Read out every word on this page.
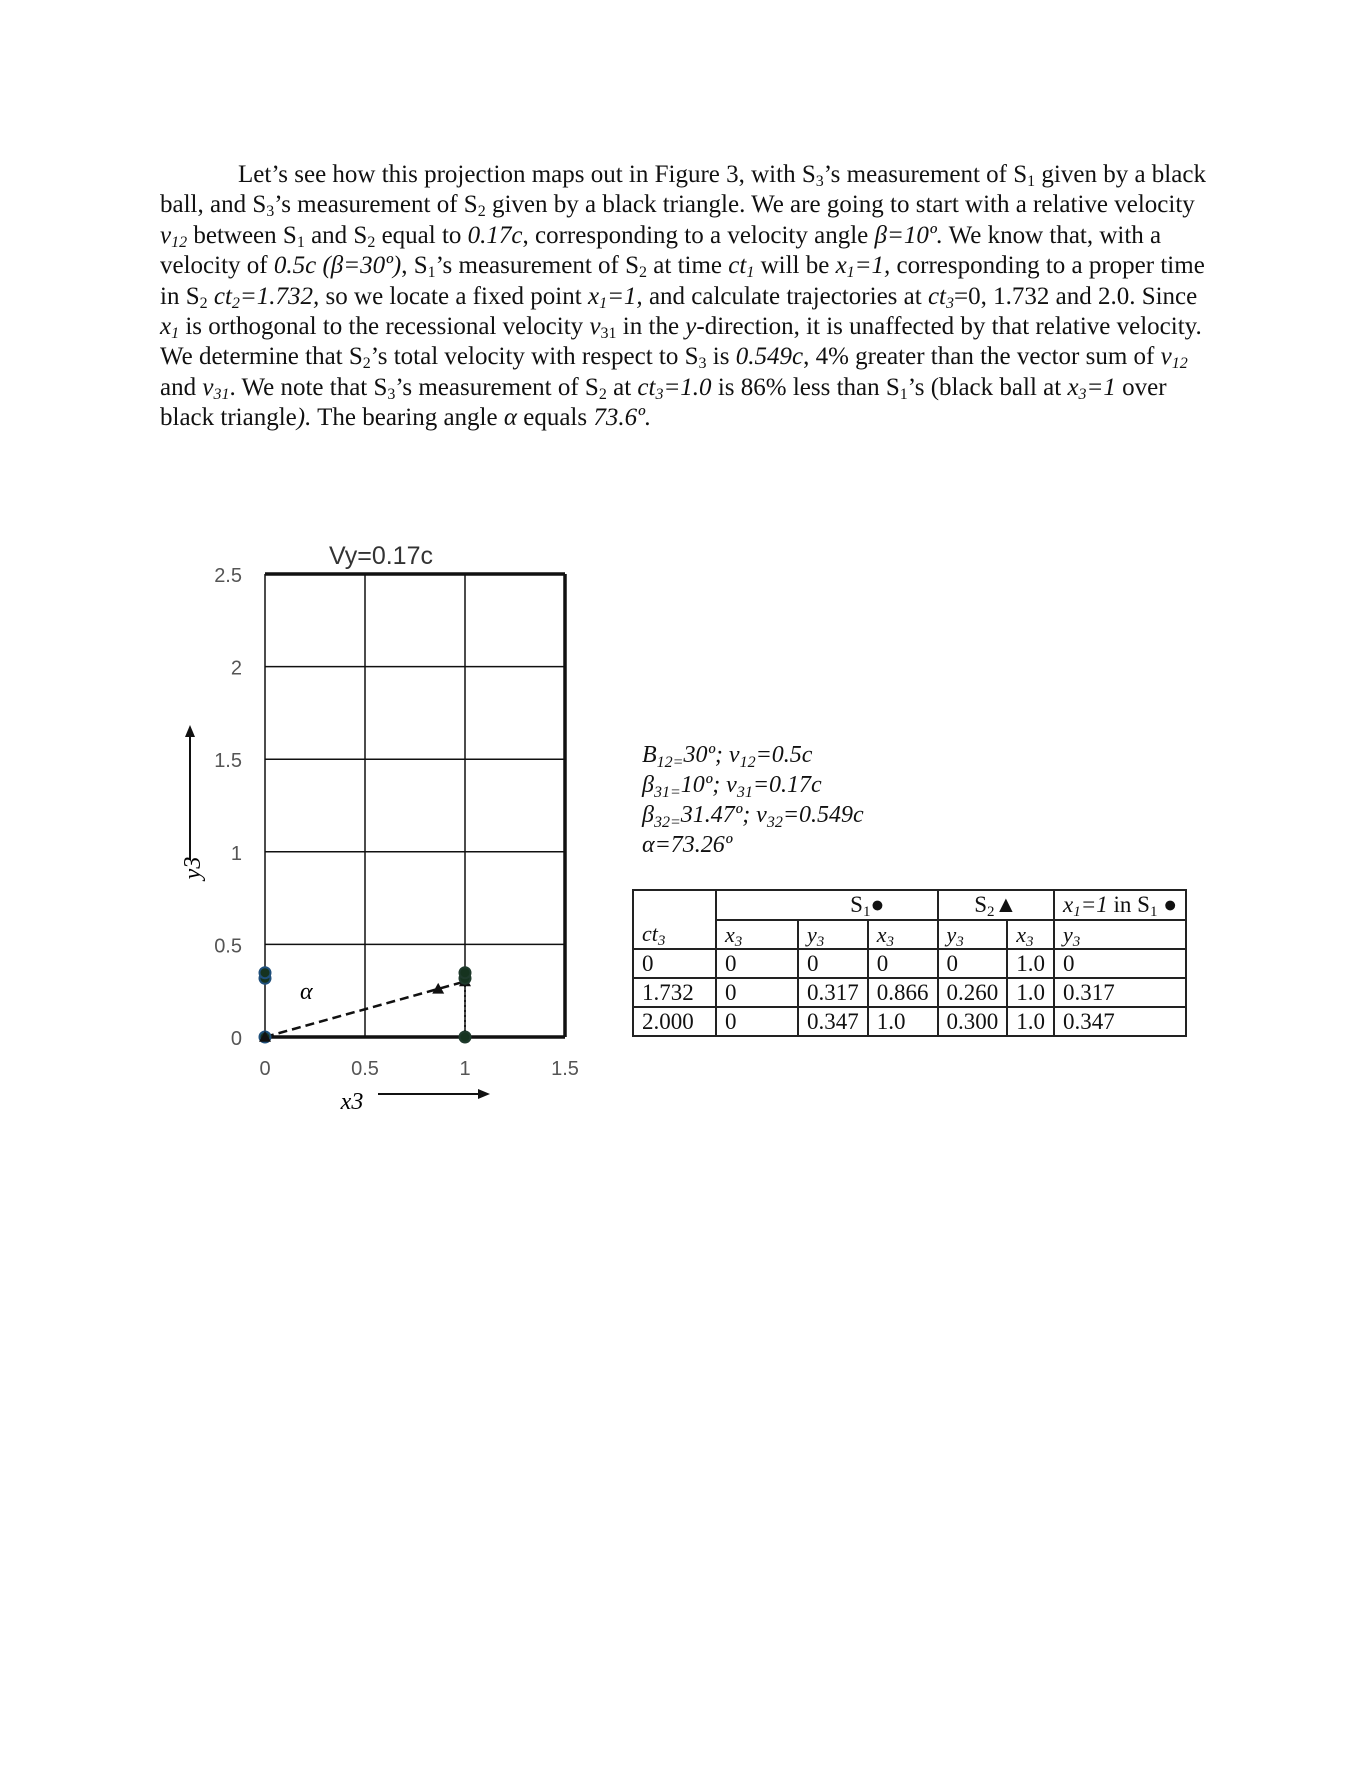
Let’s see how this projection maps out in Figure 3, with $S_3’s$ measurement of $S_1$ given by a black ball, and $S_3’s$ measurement of $S_2$ given by a black triangle. We are going to start with a relative velocity $v_{12}$ between $S_1$ and $S_2$ equal to 0.17c, corresponding to a velocity angle β=10º. We know that, with a velocity of 0.5c (β=30º), $S_1’s$ measurement of $S_2$ at time $ct_1$ will be $x_1=1$, corresponding to a proper time in $S_2$ $ct_2=1.732$, so we locate a fixed point $x_1=1$, and calculate trajectories at $ct_3=0$, 1.732 and 2.0. Since $x_1$ is orthogonal to the recessional velocity $v_{31}$ in the y-direction, it is unaffected by that relative velocity. We determine that $S_2’s$ total velocity with respect to $S_3$ is 0.549c, 4% greater than the vector sum of $v_{12}$ and $v_{31}$. We note that $S_3’s$ measurement of $S_2$ at $ct_3=1.0$ is 86% less than $S_1’s$ (black ball at $x_3=1$ over black triangle). The bearing angle α equals 73.6º.

Vy=0.17c
0
0.5
1
1.5
2
2.5
0	0.5	1	1.5
y3
x3
α
$B_{12=}30º$; $v_{12}=0.5c$
$\beta_{31=}10º$; $v_{31}=0.17c$
$\beta_{32=}31.47º$; $v_{32}=0.549c$
α=73.26º
		$S_1●$		$S_2▲$		$x_1=1$ in $S_1$ ●
$ct_3$	$x_3$	$y_3$	$x_3$	$y_3$	$x_3$	$y_3$
0	0	0	0	0	1.0	0
1.732	0	0.317	0.866	0.260	1.0	0.317
2.000	0	0.347	1.0	0.300	1.0	0.347
